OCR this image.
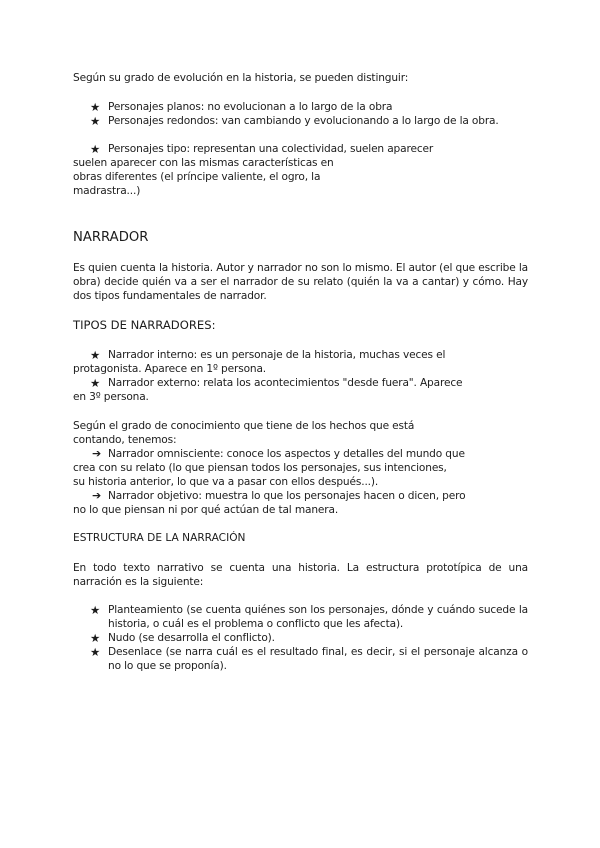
Según su grado de evolución en la historia, se pueden distinguir:
★ Personajes planos: no evolucionan a lo largo de la obra
★ Personajes redondos: van cambiando y evolucionando a lo largo de la obra.
★ Personajes tipo: representan una colectividad, suelen aparecer
suelen aparecer con las mismas características en
obras diferentes (el príncipe valiente, el ogro, la
madrastra...)
NARRADOR
Es quien cuenta la historia. Autor y narrador no son lo mismo. El autor (el que escribe la obra) decide quién va a ser el narrador de su relato (quién la va a cantar) y cómo. Hay dos tipos fundamentales de narrador.
TIPOS DE NARRADORES:
★ Narrador interno: es un personaje de la historia, muchas veces el
protagonista. Aparece en 1º persona.
★ Narrador externo: relata los acontecimientos "desde fuera". Aparece
en 3º persona.
Según el grado de conocimiento que tiene de los hechos que está
contando, tenemos:
➔ Narrador omnisciente: conoce los aspectos y detalles del mundo que
crea con su relato (lo que piensan todos los personajes, sus intenciones,
su historia anterior, lo que va a pasar con ellos después...).
➔ Narrador objetivo: muestra lo que los personajes hacen o dicen, pero
no lo que piensan ni por qué actúan de tal manera.
ESTRUCTURA DE LA NARRACIÓN
En todo texto narrativo se cuenta una historia. La estructura prototípica de una narración es la siguiente:
★ Planteamiento (se cuenta quiénes son los personajes, dónde y cuándo sucede la historia, o cuál es el problema o conflicto que les afecta).
★ Nudo (se desarrolla el conflicto).
★ Desenlace (se narra cuál es el resultado final, es decir, si el personaje alcanza o no lo que se proponía).
